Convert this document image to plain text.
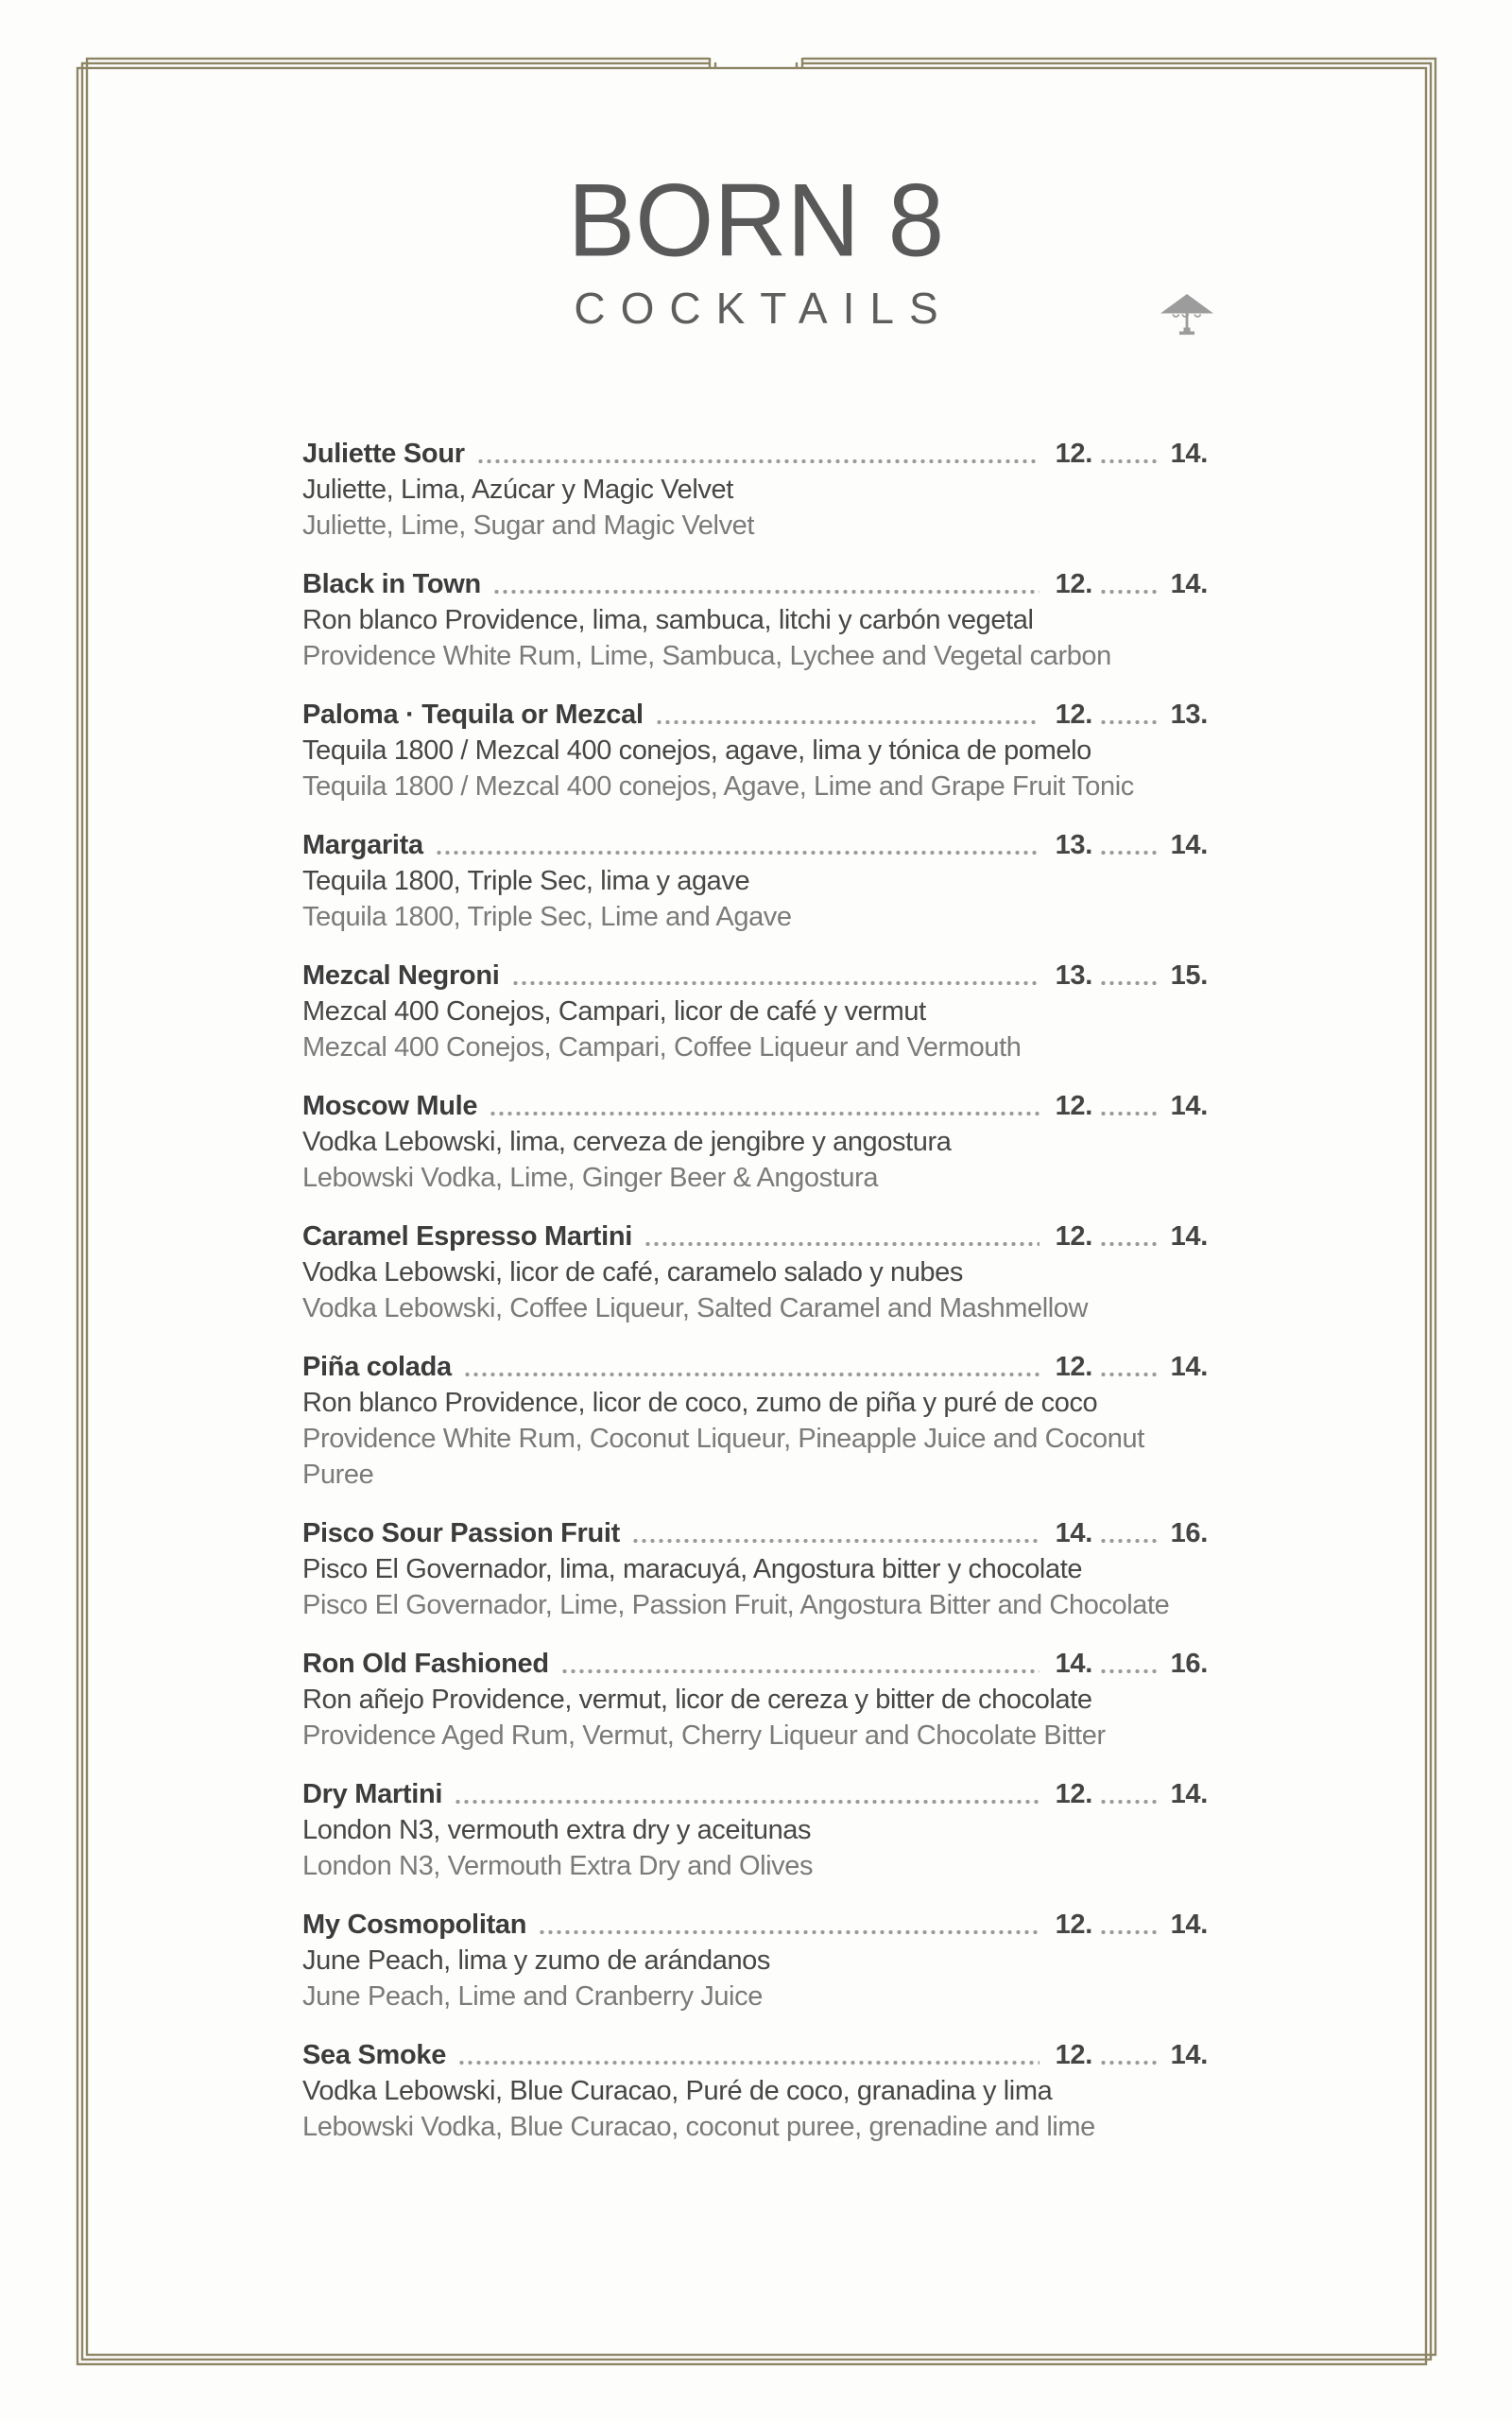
BORN 8
COCKTAILS
Juliette Sour	12.	14.
Juliette, Lima, Azúcar y Magic Velvet
Juliette, Lime, Sugar and Magic Velvet
Black in Town	12.	14.
Ron blanco Providence, lima, sambuca, litchi y carbón vegetal
Providence White Rum, Lime, Sambuca, Lychee and Vegetal carbon
Paloma · Tequila or Mezcal	12.	13.
Tequila 1800 / Mezcal 400 conejos, agave, lima y tónica de pomelo
Tequila 1800 / Mezcal 400 conejos, Agave, Lime and Grape Fruit Tonic
Margarita	13.	14.
Tequila 1800, Triple Sec, lima y agave
Tequila 1800, Triple Sec, Lime and Agave
Mezcal Negroni	13.	15.
Mezcal 400 Conejos, Campari, licor de café y vermut
Mezcal 400 Conejos, Campari, Coffee Liqueur and Vermouth
Moscow Mule	12.	14.
Vodka Lebowski, lima, cerveza de jengibre y angostura
Lebowski Vodka, Lime, Ginger Beer & Angostura
Caramel Espresso Martini	12.	14.
Vodka Lebowski, licor de café, caramelo salado y nubes
Vodka Lebowski, Coffee Liqueur, Salted Caramel and Mashmellow
Piña colada	12.	14.
Ron blanco Providence, licor de coco, zumo de piña y puré de coco
Providence White Rum, Coconut Liqueur, Pineapple Juice and Coconut Puree
Pisco Sour Passion Fruit	14.	16.
Pisco El Governador, lima, maracuyá, Angostura bitter y chocolate
Pisco El Governador, Lime, Passion Fruit, Angostura Bitter and Chocolate
Ron Old Fashioned	14.	16.
Ron añejo Providence, vermut, licor de cereza y bitter de chocolate
Providence Aged Rum, Vermut, Cherry Liqueur and Chocolate Bitter
Dry Martini	12.	14.
London N3, vermouth extra dry y aceitunas
London N3, Vermouth Extra Dry and Olives
My Cosmopolitan	12.	14.
June Peach, lima y zumo de arándanos
June Peach, Lime and Cranberry Juice
Sea Smoke	12.	14.
Vodka Lebowski, Blue Curacao, Puré de coco, granadina y lima
Lebowski Vodka, Blue Curacao, coconut puree, grenadine and lime
